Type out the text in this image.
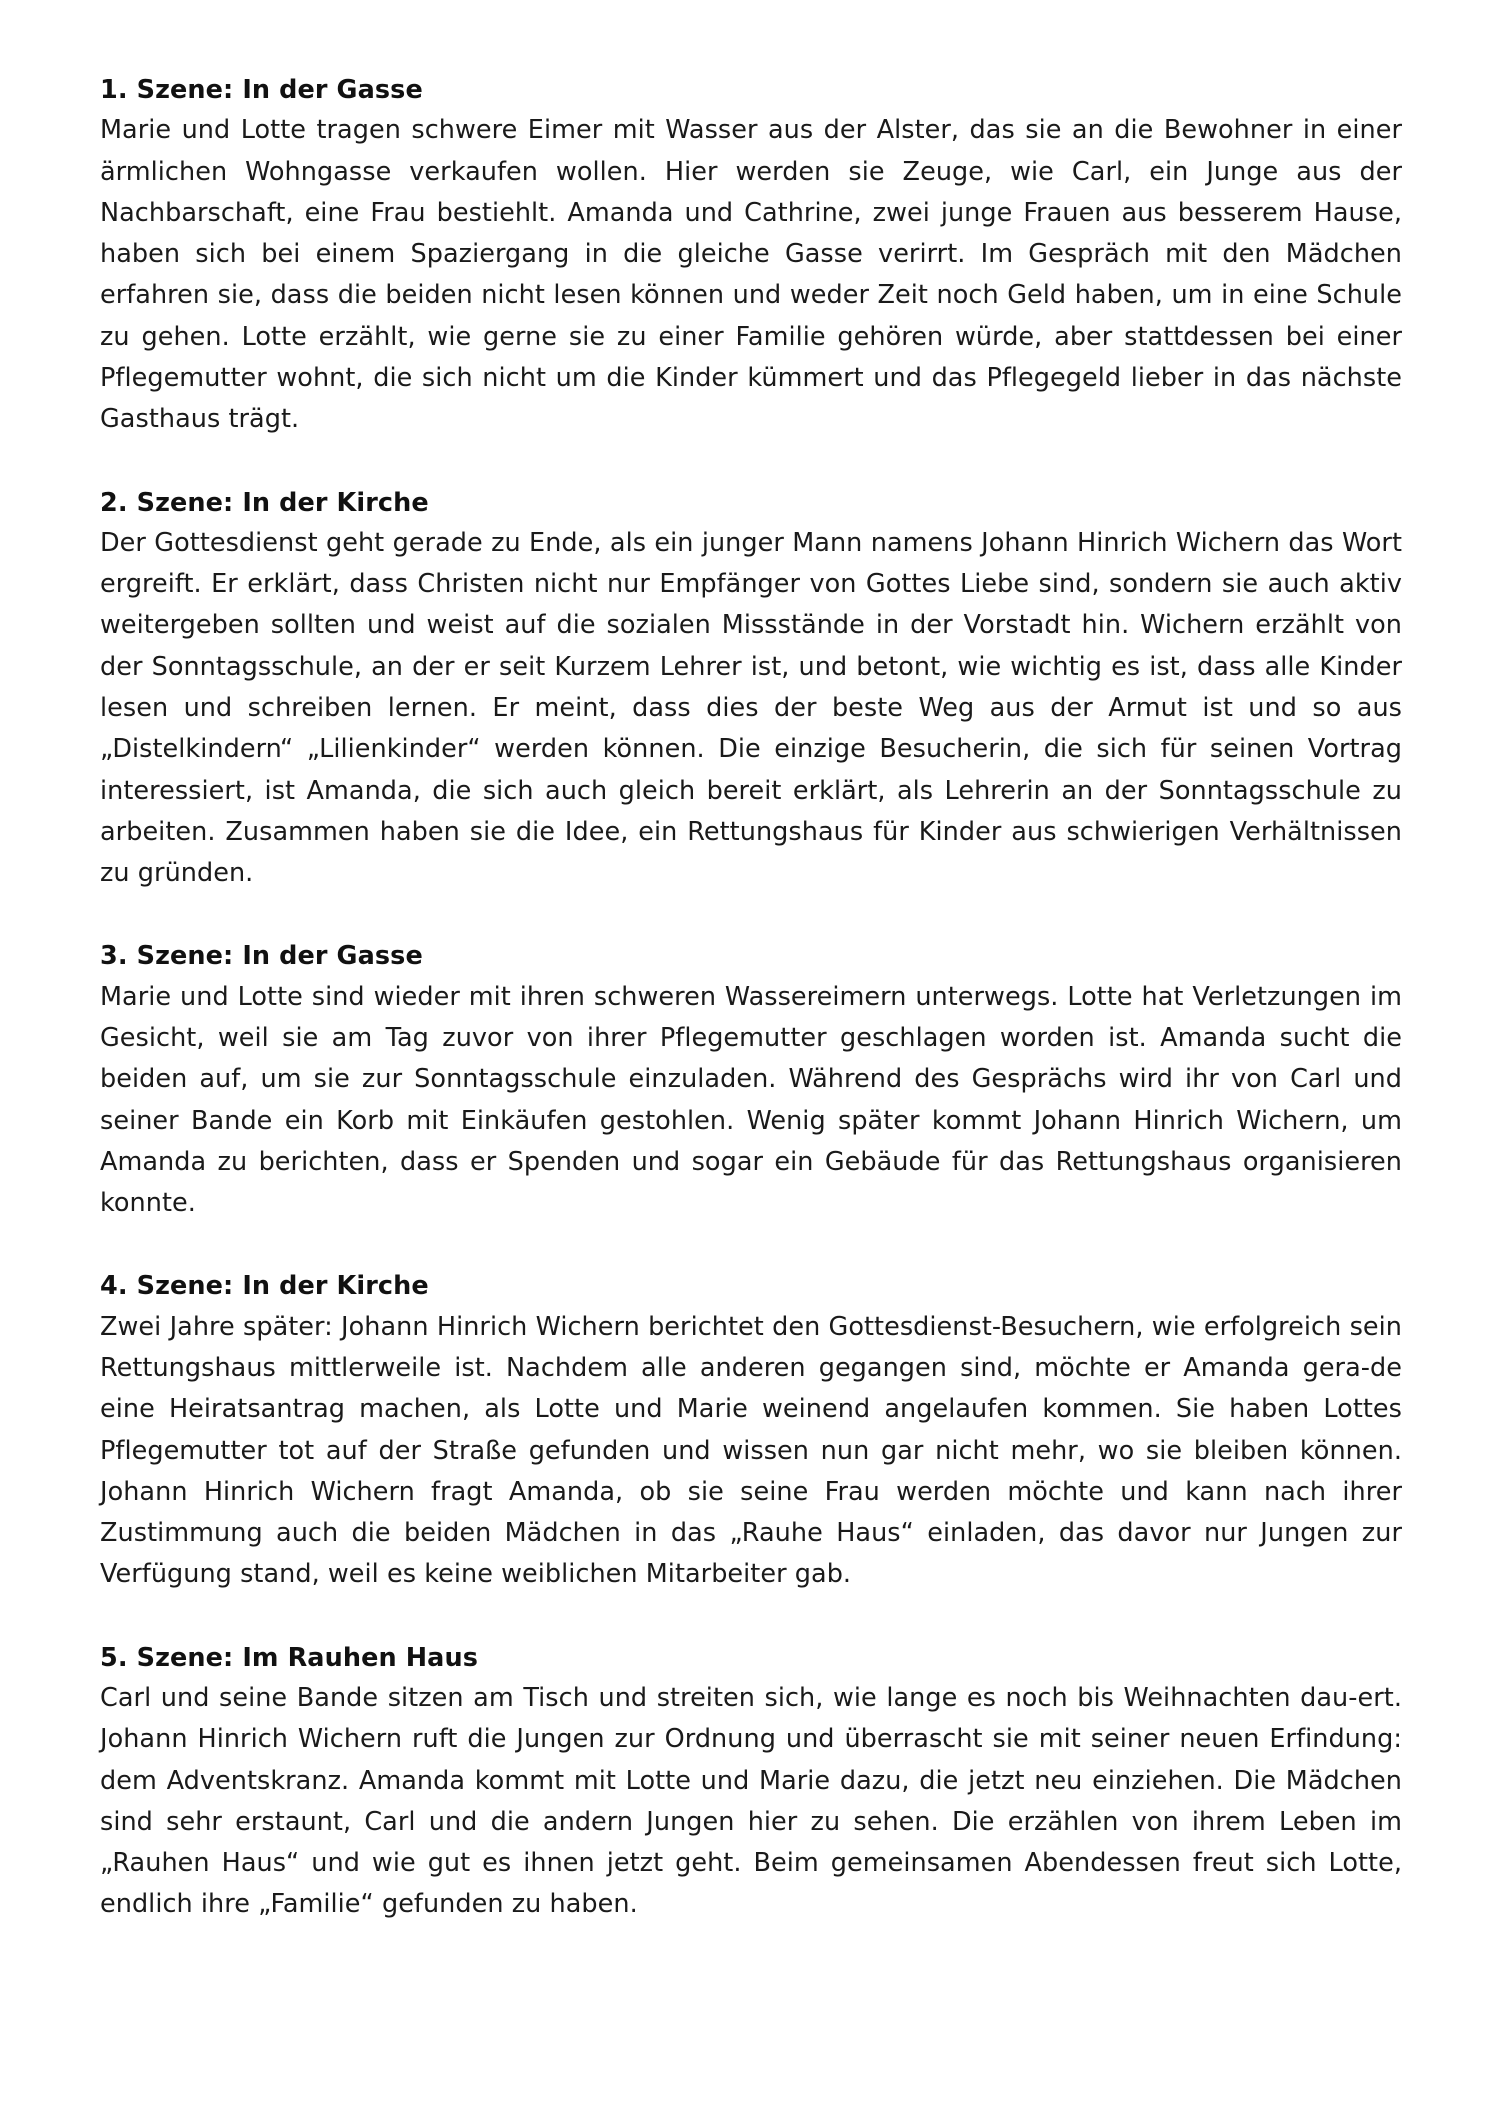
1. Szene: In der Gasse

Marie und Lotte tragen schwere Eimer mit Wasser aus der Alster, das sie an die Bewohner in einer ärmlichen Wohngasse verkaufen wollen. Hier werden sie Zeuge, wie Carl, ein Junge aus der Nachbarschaft, eine Frau bestiehlt. Amanda und Cathrine, zwei junge Frauen aus besserem Hause, haben sich bei einem Spaziergang in die gleiche Gasse verirrt. Im Gespräch mit den Mädchen erfahren sie, dass die beiden nicht lesen können und weder Zeit noch Geld haben, um in eine Schule zu gehen. Lotte erzählt, wie gerne sie zu einer Familie gehören würde, aber stattdessen bei einer Pflegemutter wohnt, die sich nicht um die Kinder kümmert und das Pflegegeld lieber in das nächste Gasthaus trägt.

2. Szene: In der Kirche

Der Gottesdienst geht gerade zu Ende, als ein junger Mann namens Johann Hinrich Wichern das Wort ergreift. Er erklärt, dass Christen nicht nur Empfänger von Gottes Liebe sind, sondern sie auch aktiv weitergeben sollten und weist auf die sozialen Missstände in der Vorstadt hin. Wichern erzählt von der Sonntagsschule, an der er seit Kurzem Lehrer ist, und betont, wie wichtig es ist, dass alle Kinder lesen und schreiben lernen. Er meint, dass dies der beste Weg aus der Armut ist und so aus „Distelkindern“ „Lilienkinder“ werden können. Die einzige Besucherin, die sich für seinen Vortrag interessiert, ist Amanda, die sich auch gleich bereit erklärt, als Lehrerin an der Sonntagsschule zu arbeiten. Zusammen haben sie die Idee, ein Rettungshaus für Kinder aus schwierigen Verhältnissen zu gründen.

3. Szene: In der Gasse

Marie und Lotte sind wieder mit ihren schweren Wassereimern unterwegs. Lotte hat Verletzungen im Gesicht, weil sie am Tag zuvor von ihrer Pflegemutter geschlagen worden ist. Amanda sucht die beiden auf, um sie zur Sonntagsschule einzuladen. Während des Gesprächs wird ihr von Carl und seiner Bande ein Korb mit Einkäufen gestohlen. Wenig später kommt Johann Hinrich Wichern, um Amanda zu berichten, dass er Spenden und sogar ein Gebäude für das Rettungshaus organisieren konnte.

4. Szene: In der Kirche

Zwei Jahre später: Johann Hinrich Wichern berichtet den Gottesdienst-Besuchern, wie erfolgreich sein Rettungshaus mittlerweile ist. Nachdem alle anderen gegangen sind, möchte er Amanda gera-de eine Heiratsantrag machen, als Lotte und Marie weinend angelaufen kommen. Sie haben Lottes Pflegemutter tot auf der Straße gefunden und wissen nun gar nicht mehr, wo sie bleiben können. Johann Hinrich Wichern fragt Amanda, ob sie seine Frau werden möchte und kann nach ihrer Zustimmung auch die beiden Mädchen in das „Rauhe Haus“ einladen, das davor nur Jungen zur Verfügung stand, weil es keine weiblichen Mitarbeiter gab.

5. Szene: Im Rauhen Haus

Carl und seine Bande sitzen am Tisch und streiten sich, wie lange es noch bis Weihnachten dau-ert. Johann Hinrich Wichern ruft die Jungen zur Ordnung und überrascht sie mit seiner neuen Erfindung: dem Adventskranz. Amanda kommt mit Lotte und Marie dazu, die jetzt neu einziehen. Die Mädchen sind sehr erstaunt, Carl und die andern Jungen hier zu sehen. Die erzählen von ihrem Leben im „Rauhen Haus“ und wie gut es ihnen jetzt geht. Beim gemeinsamen Abendessen freut sich Lotte, endlich ihre „Familie“ gefunden zu haben.
